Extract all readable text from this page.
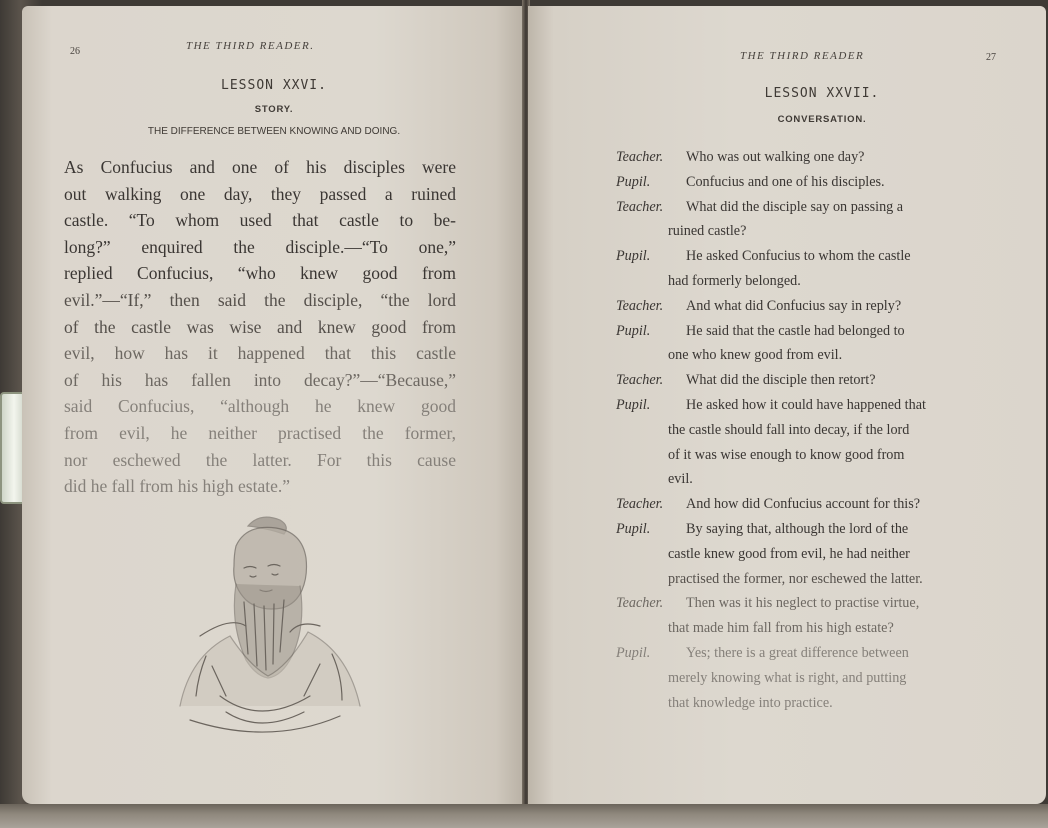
26	THE THIRD READER.
LESSON XXVI.
STORY.
THE DIFFERENCE BETWEEN KNOWING AND DOING.
As Confucius and one of his disciples were
out walking one day, they passed a ruined
castle. “To whom used that castle to be-
long?” enquired the disciple.—“To one,”
replied Confucius, “who knew good from
evil.”—“If,” then said the disciple, “the lord
of the castle was wise and knew good from
evil, how has it happened that this castle
of his has fallen into decay?”—“Because,”
said Confucius, “although he knew good
from evil, he neither practised the former,
nor eschewed the latter. For this cause
did he fall from his high estate.”
THE THIRD READER	27
LESSON XXVII.
CONVERSATION.
Teacher. Who was out walking one day?
Pupil.	Confucius and one of his disciples.
Teacher. What did the disciple say on passing a
ruined castle?
Pupil.	He asked Confucius to whom the castle
had formerly belonged.
Teacher. And what did Confucius say in reply?
Pupil.	He said that the castle had belonged to
one who knew good from evil.
Teacher. What did the disciple then retort?
Pupil.	He asked how it could have happened that
the castle should fall into decay, if the lord
of it was wise enough to know good from
evil.
Teacher. And how did Confucius account for this?
Pupil.	By saying that, although the lord of the
castle knew good from evil, he had neither
practised the former, nor eschewed the latter.
Teacher. Then was it his neglect to practise virtue,
that made him fall from his high estate?
Pupil.	Yes; there is a great difference between
merely knowing what is right, and putting
that knowledge into practice.
